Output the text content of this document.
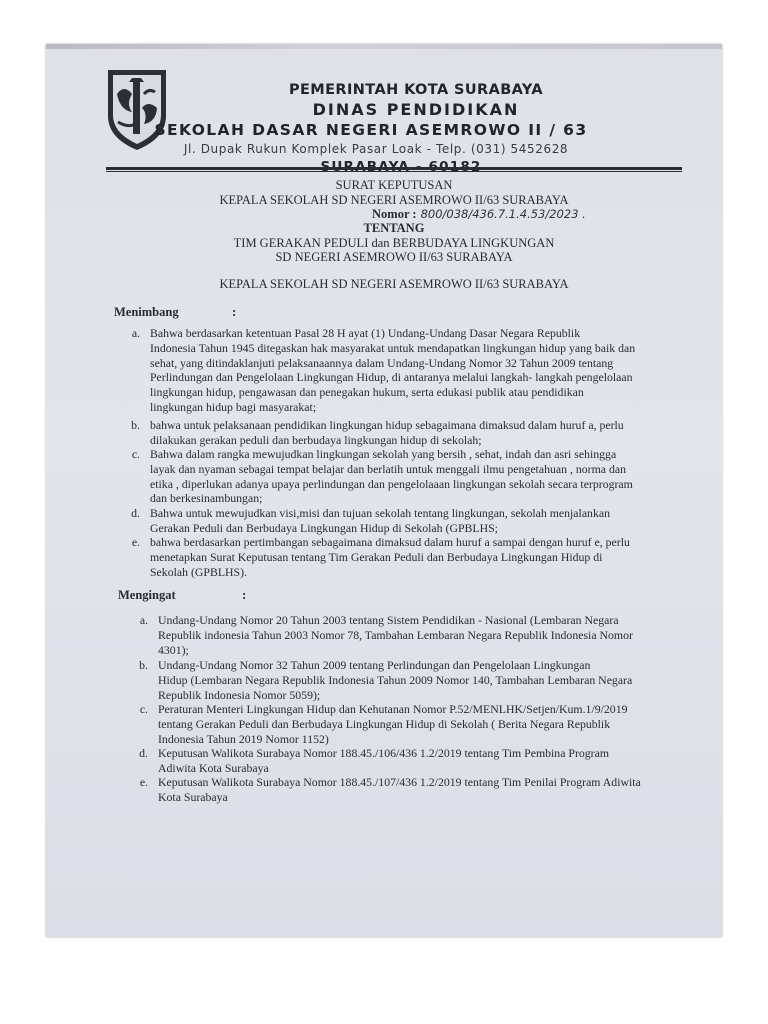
PEMERINTAH KOTA SURABAYA
DINAS PENDIDIKAN
SEKOLAH DASAR NEGERI ASEMROWO II / 63
Jl. Dupak Rukun Komplek Pasar Loak - Telp. (031) 5452628
SURAT KEPUTUSAN
KEPALA SEKOLAH SD NEGERI ASEMROWO II/63 SURABAYA
Nomor : 800/038/436.7.1.4.53/2023 .
TENTANG
TIM GERAKAN PEDULI dan BERBUDAYA LINGKUNGAN
SD NEGERI ASEMROWO II/63 SURABAYA
KEPALA SEKOLAH SD NEGERI ASEMROWO II/63 SURABAYA
Menimbang	:
a. Bahwa berdasarkan ketentuan Pasal 28 H ayat (1) Undang-Undang Dasar Negara Republik
Indonesia Tahun 1945 ditegaskan hak masyarakat untuk mendapatkan lingkungan hidup yang baik dan
sehat, yang ditindaklanjuti pelaksanaannya dalam Undang-Undang Nomor 32 Tahun 2009 tentang
Perlindungan dan Pengelolaan Lingkungan Hidup, di antaranya melalui langkah- langkah pengelolaan
lingkungan hidup, pengawasan dan penegakan hukum, serta edukasi publik atau pendidikan
lingkungan hidup bagi masyarakat;
b. bahwa untuk pelaksanaan pendidikan lingkungan hidup sebagaimana dimaksud dalam huruf a, perlu
dilakukan gerakan peduli dan berbudaya lingkungan hidup di sekolah;
c. Bahwa dalam rangka mewujudkan lingkungan sekolah yang bersih , sehat, indah dan asri sehingga
layak dan nyaman sebagai tempat belajar dan berlatih untuk menggali ilmu pengetahuan , norma dan
etika , diperlukan adanya upaya perlindungan dan pengelolaaan lingkungan sekolah secara terprogram
dan berkesinambungan;
d. Bahwa untuk mewujudkan visi,misi dan tujuan sekolah tentang lingkungan, sekolah menjalankan
Gerakan Peduli dan Berbudaya Lingkungan Hidup di Sekolah (GPBLHS;
e. bahwa berdasarkan pertimbangan sebagaimana dimaksud dalam huruf a sampai dengan huruf e, perlu
menetapkan Surat Keputusan tentang Tim Gerakan Peduli dan Berbudaya Lingkungan Hidup di
Sekolah (GPBLHS).
Mengingat	:
a. Undang-Undang Nomor 20 Tahun 2003 tentang Sistem Pendidikan - Nasional (Lembaran Negara
Republik indonesia Tahun 2003 Nomor 78, Tambahan Lembaran Negara Republik Indonesia Nomor
4301);
b. Undang-Undang Nomor 32 Tahun 2009 tentang Perlindungan dan Pengelolaan Lingkungan
Hidup (Lembaran Negara Republik Indonesia Tahun 2009 Nomor 140, Tambahan Lembaran Negara
Republik Indonesia Nomor 5059);
c. Peraturan Menteri Lingkungan Hidup dan Kehutanan Nomor P.52/MENLHK/Setjen/Kum.1/9/2019
tentang Gerakan Peduli dan Berbudaya Lingkungan Hidup di Sekolah ( Berita Negara Republik
Indonesia Tahun 2019 Nomor 1152)
d. Keputusan Walikota Surabaya Nomor 188.45./106/436 1.2/2019 tentang Tim Pembina Program
Adiwita Kota Surabaya
e. Keputusan Walikota Surabaya Nomor 188.45./107/436 1.2/2019 tentang Tim Penilai Program Adiwita
Kota Surabaya
